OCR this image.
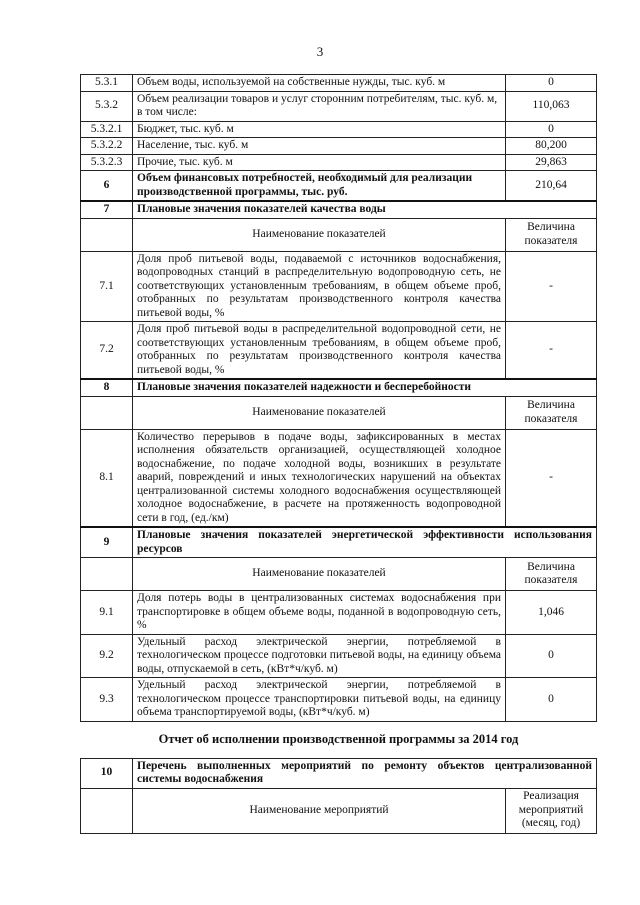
3
5.3.1	Объем воды, используемой на собственные нужды, тыс. куб. м	0
5.3.2	Объем реализации товаров и услуг сторонним потребителям, тыс. куб. м, в том числе:	110,063
5.3.2.1	Бюджет, тыс. куб. м	0
5.3.2.2	Население, тыс. куб. м	80,200
5.3.2.3	Прочие, тыс. куб. м	29,863
6	Объем финансовых потребностей, необходимый для реализации производственной программы, тыс. руб.	210,64
7	Плановые значения показателей качества воды	
	Наименование показателей	Величина показателя
7.1	Доля проб питьевой воды, подаваемой с источников водоснабжения, водопроводных станций в распределительную водопроводную сеть, не соответствующих установленным требованиям, в общем объеме проб, отобранных по результатам производственного контроля качества питьевой воды, %	-
7.2	Доля проб питьевой воды в распределительной водопроводной сети, не соответствующих установленным требованиям, в общем объеме проб, отобранных по результатам производственного контроля качества питьевой воды, %	-
8	Плановые значения показателей надежности и бесперебойности	
	Наименование показателей	Величина показателя
8.1	Количество перерывов в подаче воды, зафиксированных в местах исполнения обязательств организацией, осуществляющей холодное водоснабжение, по подаче холодной воды, возникших в результате аварий, повреждений и иных технологических нарушений на объектах централизованной системы холодного водоснабжения осуществляющей холодное водоснабжение, в расчете на протяженность водопроводной сети в год, (ед./км)	-
9	Плановые значения показателей энергетической эффективности использования ресурсов	
	Наименование показателей	Величина показателя
9.1	Доля потерь воды в централизованных системах водоснабжения при транспортировке в общем объеме воды, поданной в водопроводную сеть, %	1,046
9.2	Удельный расход электрической энергии, потребляемой в технологическом процессе подготовки питьевой воды, на единицу объема воды, отпускаемой в сеть, (кВт*ч/куб. м)	0
9.3	Удельный расход электрической энергии, потребляемой в технологическом процессе транспортировки питьевой воды, на единицу объема транспортируемой воды, (кВт*ч/куб. м)	0
Отчет об исполнении производственной программы за 2014 год		
10	Перечень выполненных мероприятий по ремонту объектов централизованной системы водоснабжения	
	Наименование мероприятий	Реализация мероприятий (месяц, год)
